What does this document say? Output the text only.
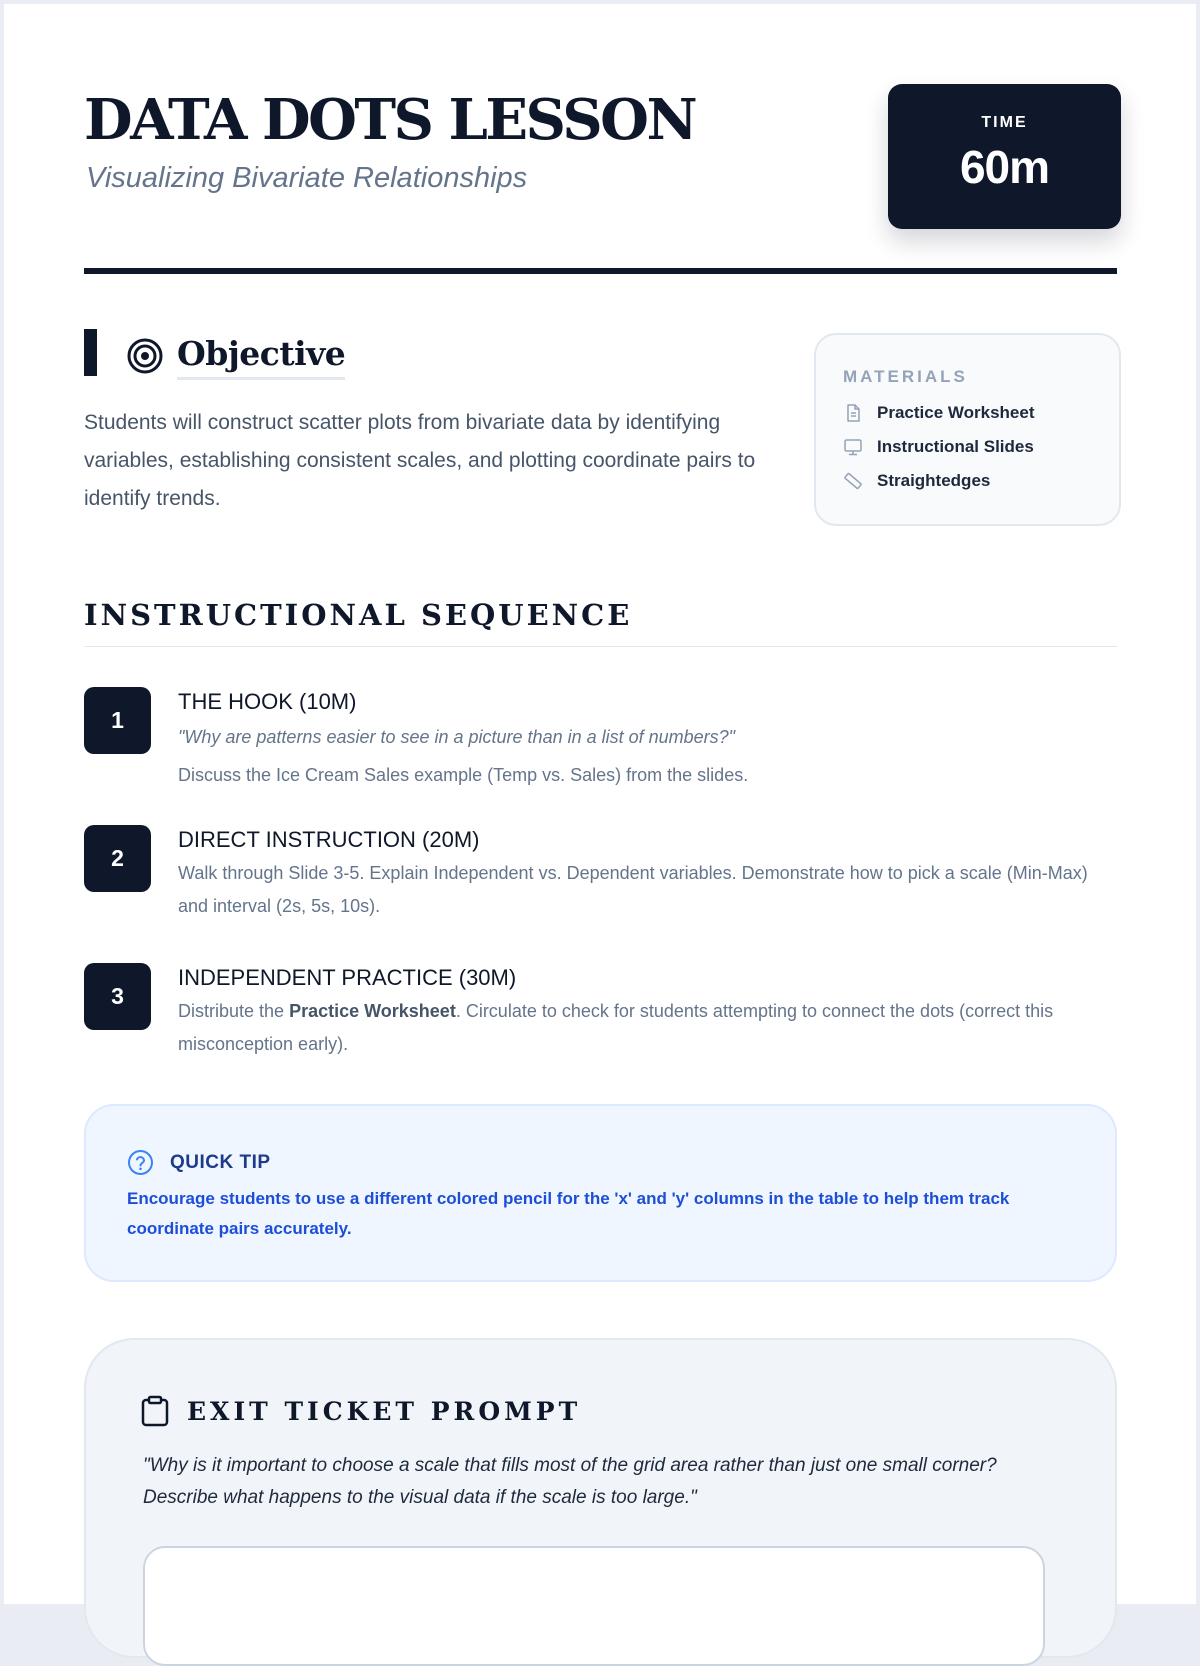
DATA DOTS LESSON
Visualizing Bivariate Relationships
TIME
60m
Objective

Students will construct scatter plots from bivariate data by identifying variables, establishing consistent scales, and plotting coordinate pairs to identify trends.

MATERIALS
Practice Worksheet
Instructional Slides
Straightedges
INSTRUCTIONAL SEQUENCE
1
THE HOOK (10M)
"Why are patterns easier to see in a picture than in a list of numbers?"
Discuss the Ice Cream Sales example (Temp vs. Sales) from the slides.
2
DIRECT INSTRUCTION (20M)
Walk through Slide 3-5. Explain Independent vs. Dependent variables. Demonstrate how to pick a scale (Min-Max) and interval (2s, 5s, 10s).
3
INDEPENDENT PRACTICE (30M)
Distribute the Practice Worksheet. Circulate to check for students attempting to connect the dots (correct this misconception early).
QUICK TIP
Encourage students to use a different colored pencil for the 'x' and 'y' columns in the table to help them track coordinate pairs accurately.
EXIT TICKET PROMPT
"Why is it important to choose a scale that fills most of the grid area rather than just one small corner? Describe what happens to the visual data if the scale is too large."
